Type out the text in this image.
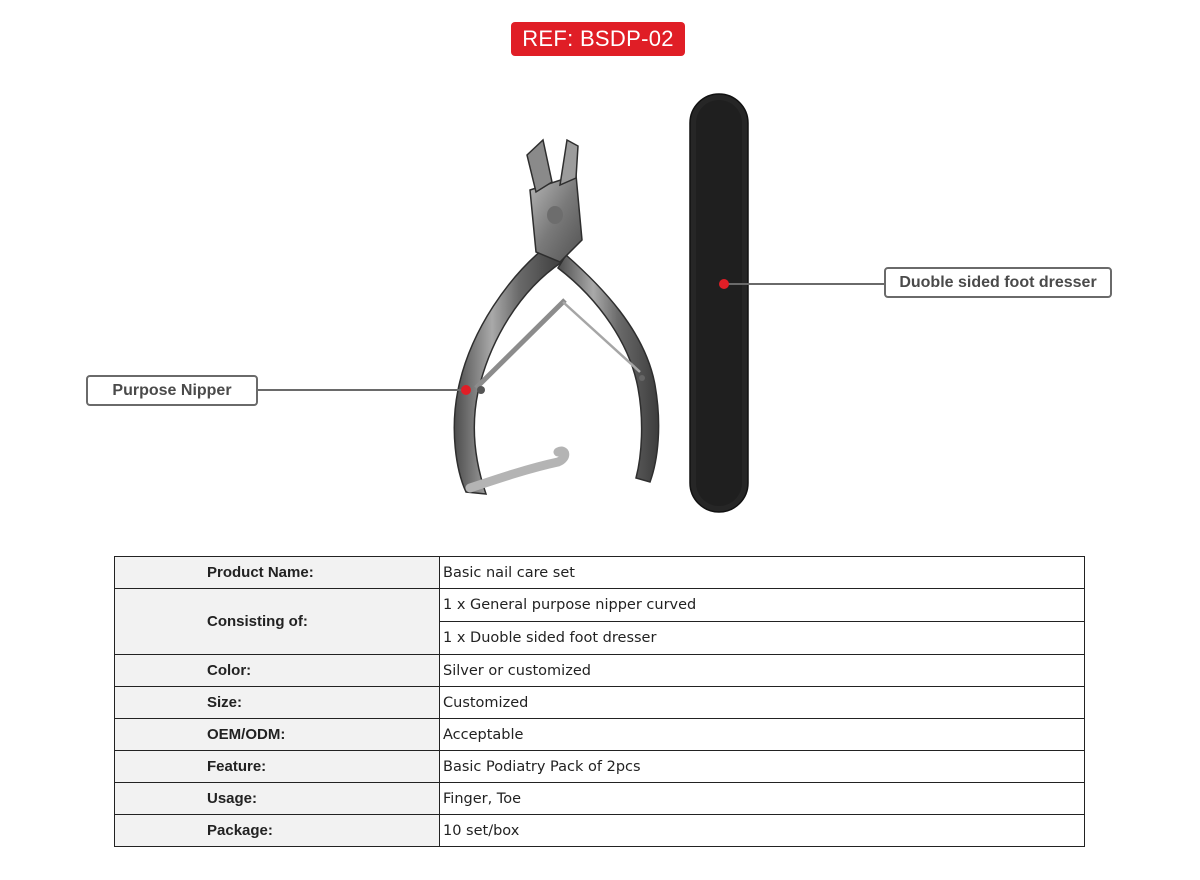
REF: BSDP-02
Purpose Nipper
Duoble sided foot dresser
Product Name:	Basic nail care set
Consisting of:	1 x General purpose nipper curved
	1 x Duoble sided foot dresser
Color:	Silver or customized
Size:	Customized
OEM/ODM:	Acceptable
Feature:	Basic Podiatry Pack of 2pcs
Usage:	Finger, Toe
Package:	10 set/box
